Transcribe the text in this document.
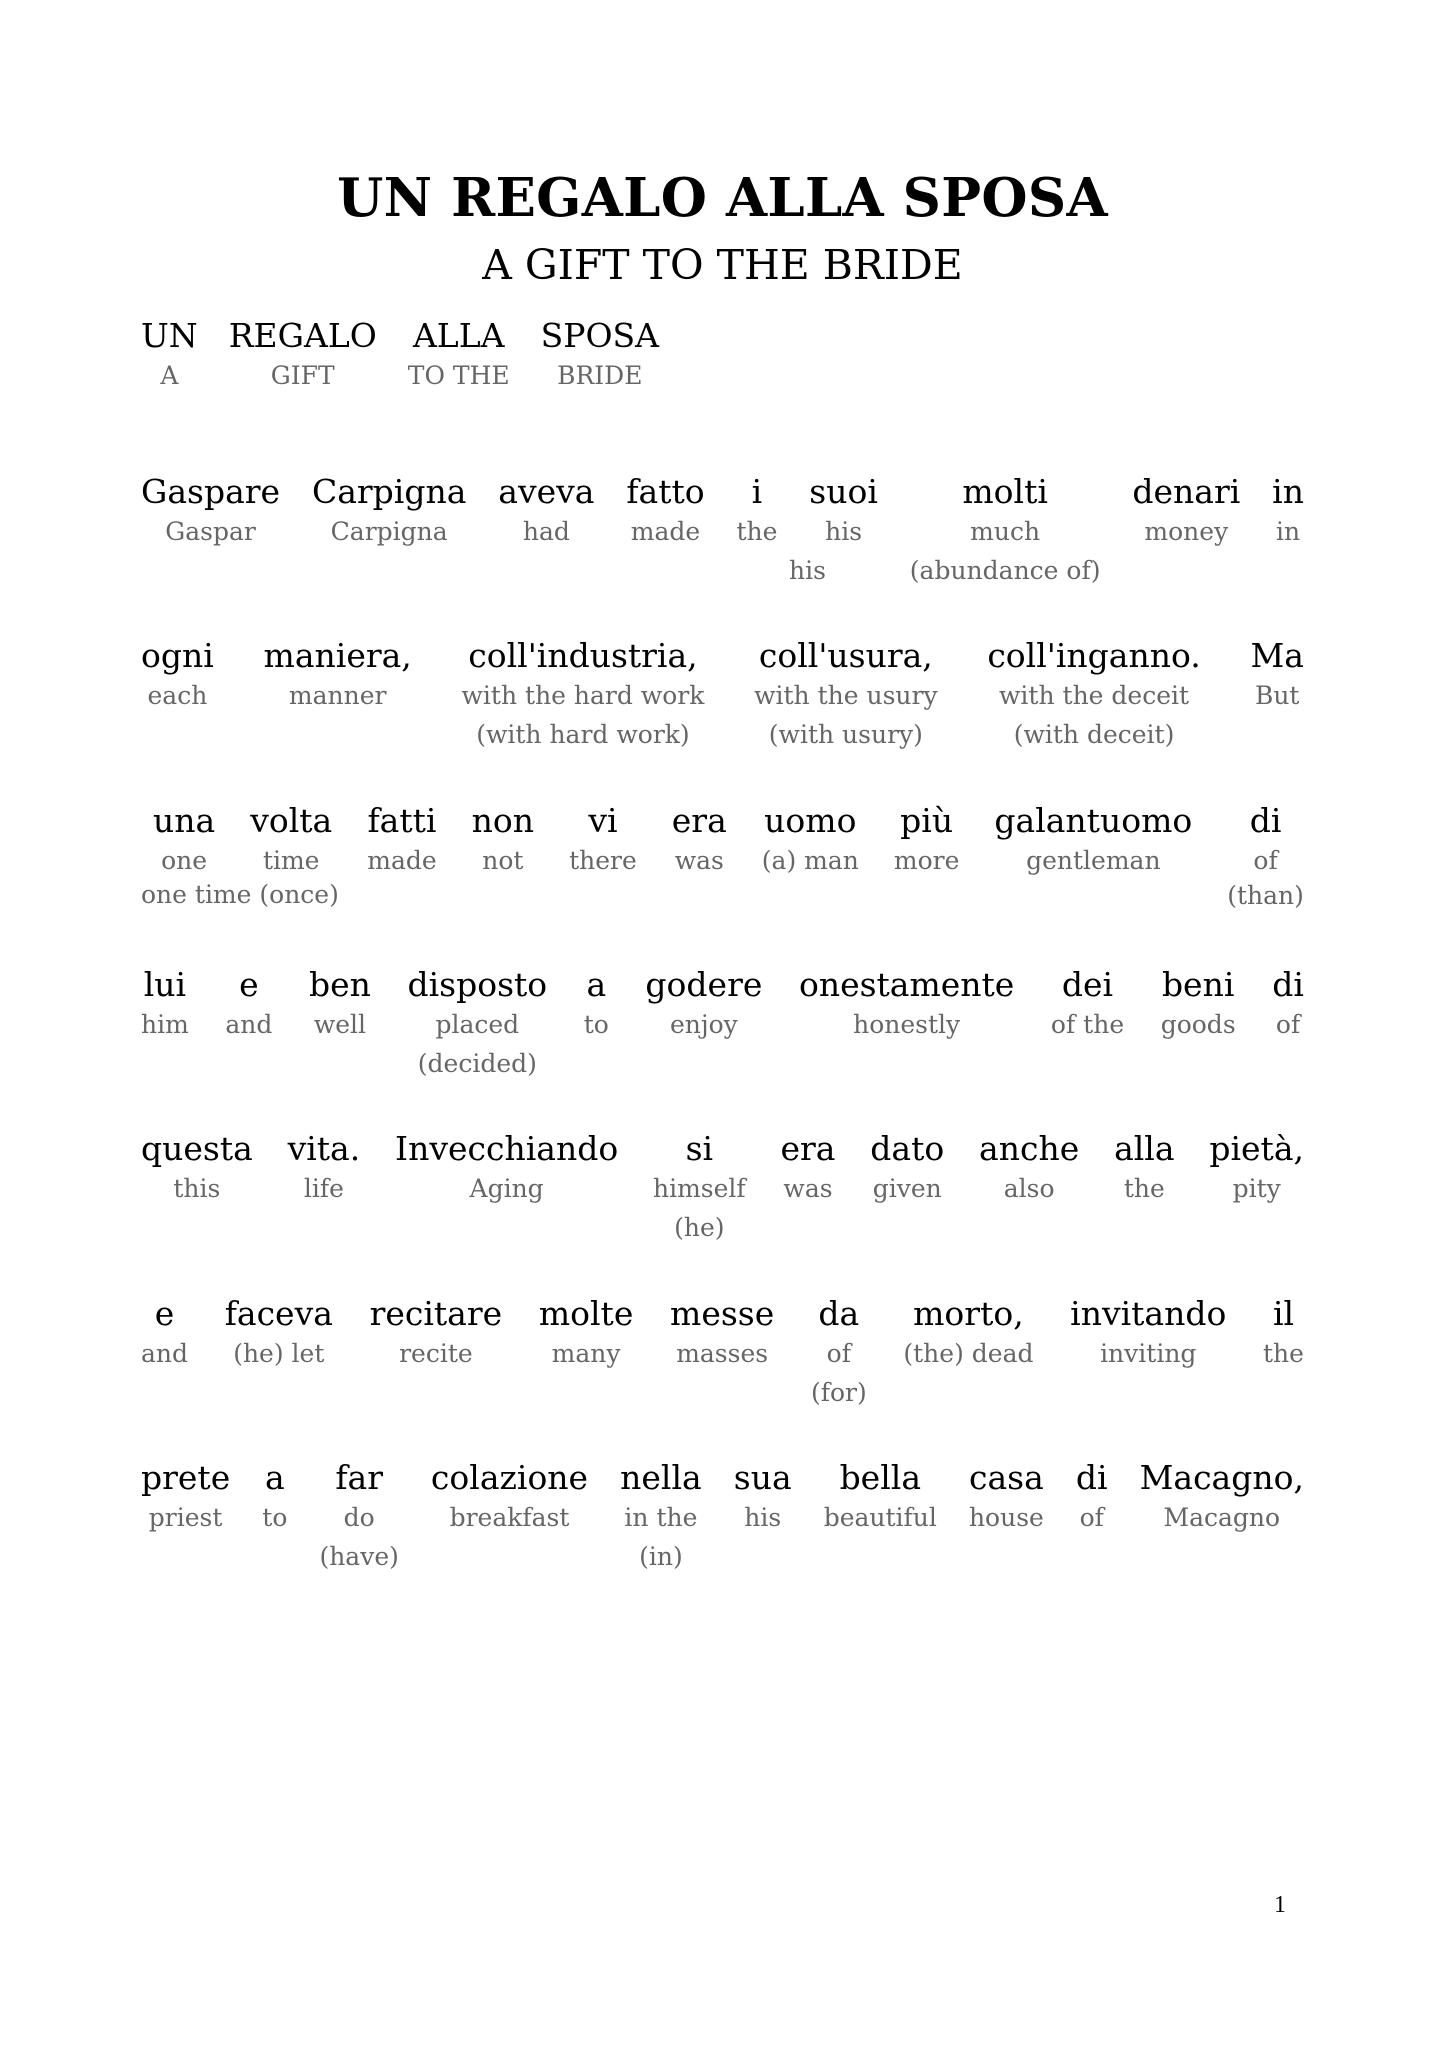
UN REGALO ALLA SPOSA
A GIFT TO THE BRIDE
UN
A
REGALO
GIFT
ALLA
TO THE
SPOSA
BRIDE
Gaspare
Gaspar
Carpigna
Carpigna
aveva
had
fatto
made
i
the
suoi
his
molti
much
(abundance of)
denari
money
in
in
his
ogni
each
maniera,
manner
coll'industria,
with the hard work
(with hard work)
coll'usura,
with the usury
(with usury)
coll'inganno.
with the deceit
(with deceit)
Ma
But
una
one
volta
time
fatti
made
non
not
vi
there
era
was
uomo
(a) man
più
more
galantuomo
gentleman
di
of
(than)
one time (once)
lui
him
e
and
ben
well
disposto
placed
(decided)
a
to
godere
enjoy
onestamente
honestly
dei
of the
beni
goods
di
of
questa
this
vita.
life
Invecchiando
Aging
si
himself
(he)
era
was
dato
given
anche
also
alla
the
pietà,
pity
e
and
faceva
(he) let
recitare
recite
molte
many
messe
masses
da
of
(for)
morto,
(the) dead
invitando
inviting
il
the
prete
priest
a
to
far
do
(have)
colazione
breakfast
nella
in the
(in)
sua
his
bella
beautiful
casa
house
di
of
Macagno,
Macagno
1
